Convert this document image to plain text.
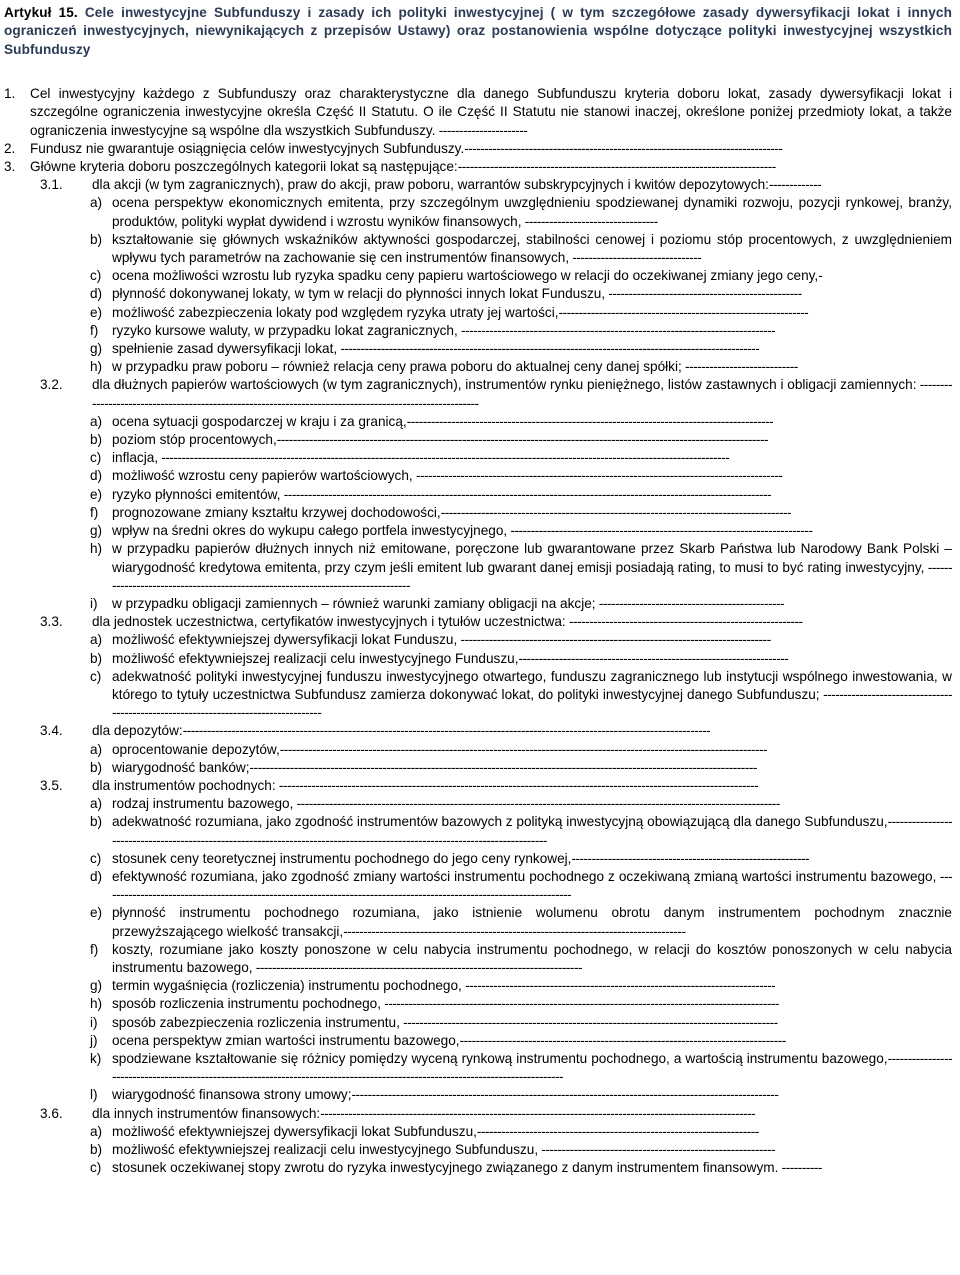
Artykuł 15. Cele inwestycyjne Subfunduszy i zasady ich polityki inwestycyjnej ( w tym szczegółowe zasady dywersyfikacji lokat i innych ograniczeń inwestycyjnych, niewynikających z przepisów Ustawy) oraz postanowienia wspólne dotyczące polityki inwestycyjnej wszystkich Subfunduszy
1. Cel inwestycyjny każdego z Subfunduszy oraz charakterystyczne dla danego Subfunduszu kryteria doboru lokat, zasady dywersyfikacji lokat i szczególne ograniczenia inwestycyjne określa Część II Statutu. O ile Część II Statutu nie stanowi inaczej, określone poniżej przedmioty lokat, a także ograniczenia inwestycyjne są wspólne dla wszystkich Subfunduszy. ----------------------
2. Fundusz nie gwarantuje osiągnięcia celów inwestycyjnych Subfunduszy.-------------------------------------------------------------------------------
3. Główne kryteria doboru poszczególnych kategorii lokat są następujące:-------------------------------------------------------------------------------
3.1. dla akcji (w tym zagranicznych), praw do akcji, praw poboru, warrantów subskrypcyjnych i kwitów depozytowych:-------------
a) ocena perspektyw ekonomicznych emitenta, przy szczególnym uwzględnieniu spodziewanej dynamiki rozwoju, pozycji rynkowej, branży, produktów, polityki wypłat dywidend i wzrostu wyników finansowych, ---------------------------------
b) kształtowanie się głównych wskaźników aktywności gospodarczej, stabilności cenowej i poziomu stóp procentowych, z uwzględnieniem wpływu tych parametrów na zachowanie się cen instrumentów finansowych, --------------------------------
c) ocena możliwości wzrostu lub ryzyka spadku ceny papieru wartościowego w relacji do oczekiwanej zmiany jego ceny,-
d) płynność dokonywanej lokaty, w tym w relacji do płynności innych lokat Funduszu, ------------------------------------------------
e) możliwość zabezpieczenia lokaty pod względem ryzyka utraty jej wartości,--------------------------------------------------------------
f) ryzyko kursowe waluty, w przypadku lokat zagranicznych, ------------------------------------------------------------------------------
g) spełnienie zasad dywersyfikacji lokat, --------------------------------------------------------------------------------------------------------
h) w przypadku praw poboru – również relacja ceny prawa poboru do aktualnej ceny danej spółki; ----------------------------
3.2. dla dłużnych papierów wartościowych (w tym zagranicznych), instrumentów rynku pieniężnego, listów zastawnych i obligacji zamiennych: --------------------------------------------------------------------------------------------------------
a) ocena sytuacji gospodarczej w kraju i za granicą,-------------------------------------------------------------------------------------------
b) poziom stóp procentowych,--------------------------------------------------------------------------------------------------------------------------
c) inflacja, ---------------------------------------------------------------------------------------------------------------------------------------------
d) możliwość wzrostu ceny papierów wartościowych, -------------------------------------------------------------------------------------------
e) ryzyko płynności emitentów, -------------------------------------------------------------------------------------------------------------------------
f) prognozowane zmiany kształtu krzywej dochodowości,---------------------------------------------------------------------------------------
g) wpływ na średni okres do wykupu całego portfela inwestycyjnego, ---------------------------------------------------------------------------
h) w przypadku papierów dłużnych innych niż emitowane, poręczone lub gwarantowane przez Skarb Państwa lub Narodowy Bank Polski – wiarygodność kredytowa emitenta, przy czym jeśli emitent lub gwarant danej emisji posiadają rating, to musi to być rating inwestycyjny, --------------------------------------------------------------------------------
i) w przypadku obligacji zamiennych – również warunki zamiany obligacji na akcje; ----------------------------------------------
3.3. dla jednostek uczestnictwa, certyfikatów inwestycyjnych i tytułów uczestnictwa: ----------------------------------------------------------
a) możliwość efektywniejszej dywersyfikacji lokat Funduszu, -----------------------------------------------------------------------------
b) możliwość efektywniejszej realizacji celu inwestycyjnego Funduszu,-------------------------------------------------------------------
c) adekwatność polityki inwestycyjnej funduszu inwestycyjnego otwartego, funduszu zagranicznego lub instytucji wspólnego inwestowania, w którego to tytuły uczestnictwa Subfundusz zamierza dokonywać lokat, do polityki inwestycyjnej danego Subfunduszu; ------------------------------------------------------------------------------------
3.4. dla depozytów:-----------------------------------------------------------------------------------------------------------------------------------
a) oprocentowanie depozytów,-------------------------------------------------------------------------------------------------------------------------
b) wiarygodność banków;------------------------------------------------------------------------------------------------------------------------------
3.5. dla instrumentów pochodnych: -----------------------------------------------------------------------------------------------------------------------
a) rodzaj instrumentu bazowego, ------------------------------------------------------------------------------------------------------------------------
b) adekwatność rozumiana, jako zgodność instrumentów bazowych z polityką inwestycyjną obowiązującą dla danego Subfunduszu,----------------------------------------------------------------------------------------------------------------------------
c) stosunek ceny teoretycznej instrumentu pochodnego do jego ceny rynkowej,-----------------------------------------------------------
d) efektywność rozumiana, jako zgodność zmiany wartości instrumentu pochodnego z oczekiwaną zmianą wartości instrumentu bazowego, ---------------------------------------------------------------------------------------------------------------------
e) płynność instrumentu pochodnego rozumiana, jako istnienie wolumenu obrotu danym instrumentem pochodnym znacznie przewyższającego wielkość transakcji,-------------------------------------------------------------------------------------
f) koszty, rozumiane jako koszty ponoszone w celu nabycia instrumentu pochodnego, w relacji do kosztów ponoszonych w celu nabycia instrumentu bazowego, ---------------------------------------------------------------------------------
g) termin wygaśnięcia (rozliczenia) instrumentu pochodnego, -----------------------------------------------------------------------------
h) sposób rozliczenia instrumentu pochodnego, --------------------------------------------------------------------------------------------------
i) sposób zabezpieczenia rozliczenia instrumentu, ---------------------------------------------------------------------------------------------
j) ocena perspektyw zmian wartości instrumentu bazowego,---------------------------------------------------------------------------------
k) spodziewane kształtowanie się różnicy pomiędzy wyceną rynkową instrumentu pochodnego, a wartością instrumentu bazowego,--------------------------------------------------------------------------------------------------------------------------------
l) wiarygodność finansowa strony umowy;----------------------------------------------------------------------------------------------------------
3.6. dla innych instrumentów finansowych:------------------------------------------------------------------------------------------------------------
a) możliwość efektywniejszej dywersyfikacji lokat Subfunduszu,----------------------------------------------------------------------
b) możliwość efektywniejszej realizacji celu inwestycyjnego Subfunduszu, ----------------------------------------------------------
c) stosunek oczekiwanej stopy zwrotu do ryzyka inwestycyjnego związanego z danym instrumentem finansowym. ----------
